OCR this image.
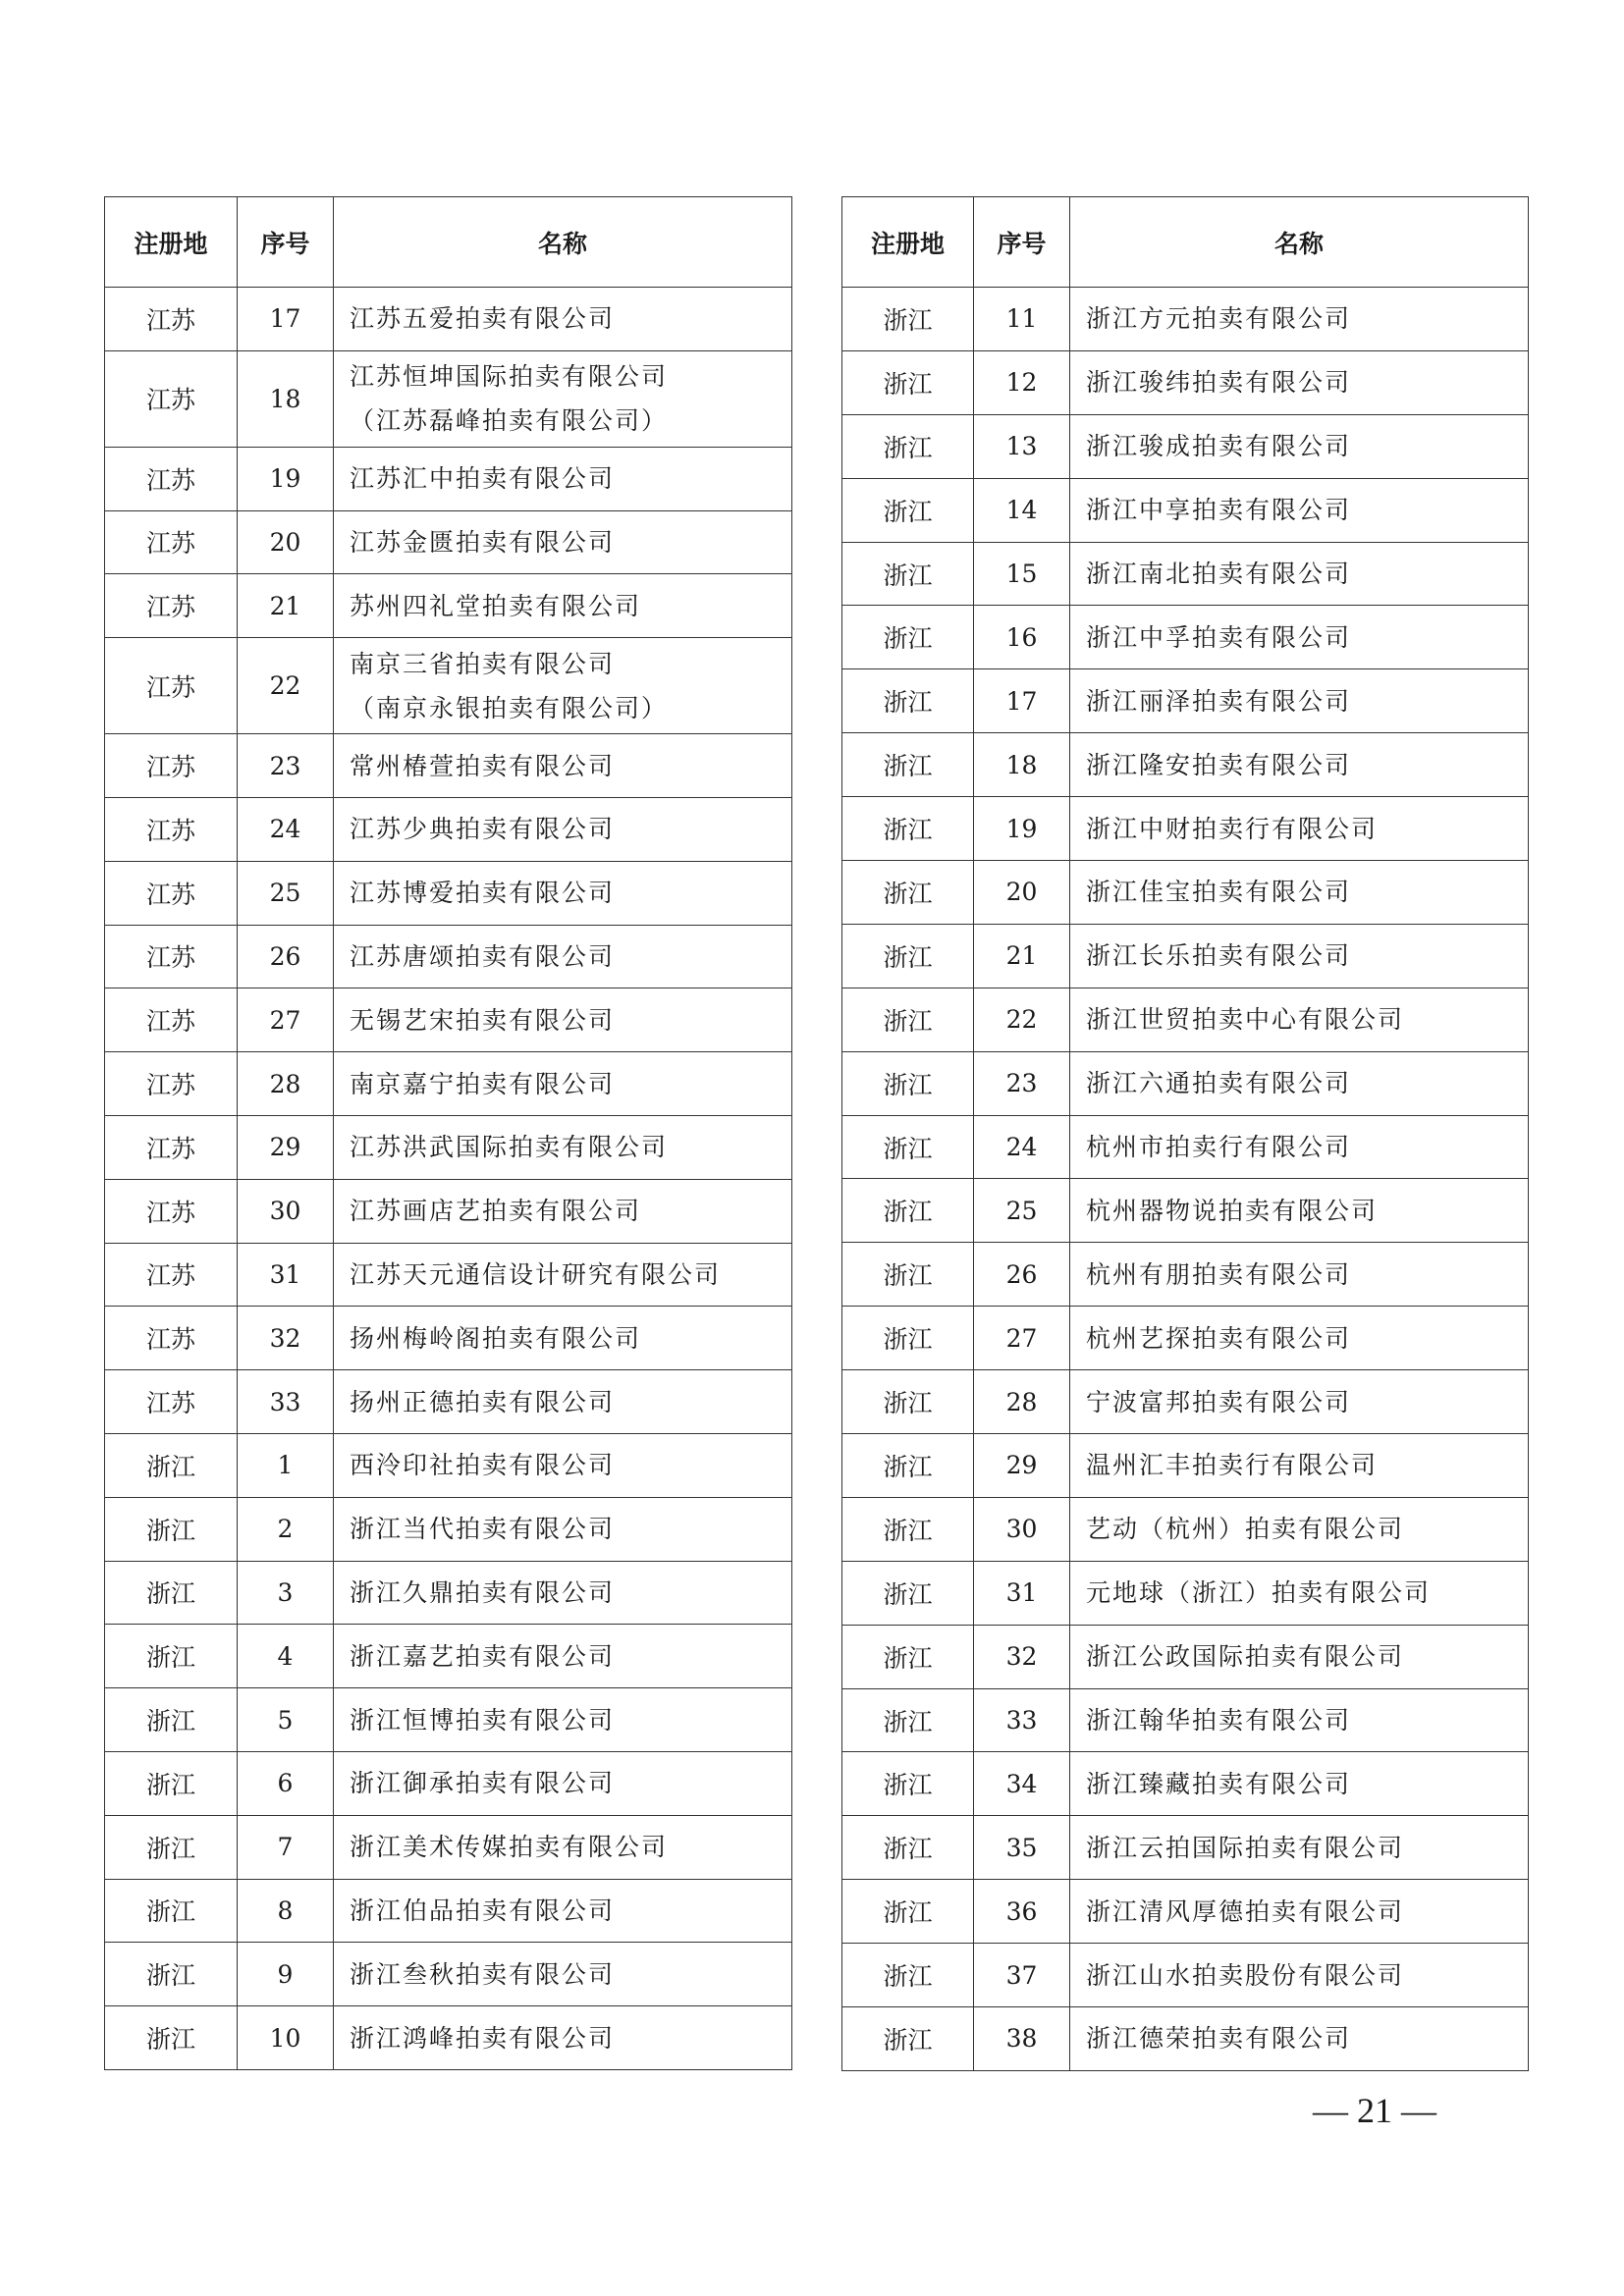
注册地	序号	名称
江苏	17	江苏五爱拍卖有限公司

江苏	18	江苏恒坤国际拍卖有限公司
（江苏磊峰拍卖有限公司）

江苏	19	江苏汇中拍卖有限公司

江苏	20	江苏金匮拍卖有限公司

江苏	21	苏州四礼堂拍卖有限公司

江苏	22	南京三省拍卖有限公司
（南京永银拍卖有限公司）

江苏	23	常州椿萱拍卖有限公司

江苏	24	江苏少典拍卖有限公司

江苏	25	江苏博爱拍卖有限公司

江苏	26	江苏唐颂拍卖有限公司

江苏	27	无锡艺宋拍卖有限公司

江苏	28	南京嘉宁拍卖有限公司

江苏	29	江苏洪武国际拍卖有限公司

江苏	30	江苏画店艺拍卖有限公司

江苏	31	江苏天元通信设计研究有限公司

江苏	32	扬州梅岭阁拍卖有限公司

江苏	33	扬州正德拍卖有限公司

浙江	1	西泠印社拍卖有限公司

浙江	2	浙江当代拍卖有限公司

浙江	3	浙江久鼎拍卖有限公司

浙江	4	浙江嘉艺拍卖有限公司

浙江	5	浙江恒博拍卖有限公司

浙江	6	浙江御承拍卖有限公司

浙江	7	浙江美术传媒拍卖有限公司

浙江	8	浙江伯品拍卖有限公司

浙江	9	浙江叁秋拍卖有限公司

浙江	10	浙江鸿峰拍卖有限公司
注册地	序号	名称
浙江	11	浙江方元拍卖有限公司

浙江	12	浙江骏纬拍卖有限公司

浙江	13	浙江骏成拍卖有限公司

浙江	14	浙江中享拍卖有限公司

浙江	15	浙江南北拍卖有限公司

浙江	16	浙江中孚拍卖有限公司

浙江	17	浙江丽泽拍卖有限公司

浙江	18	浙江隆安拍卖有限公司

浙江	19	浙江中财拍卖行有限公司

浙江	20	浙江佳宝拍卖有限公司

浙江	21	浙江长乐拍卖有限公司

浙江	22	浙江世贸拍卖中心有限公司

浙江	23	浙江六通拍卖有限公司

浙江	24	杭州市拍卖行有限公司

浙江	25	杭州器物说拍卖有限公司

浙江	26	杭州有朋拍卖有限公司

浙江	27	杭州艺探拍卖有限公司

浙江	28	宁波富邦拍卖有限公司

浙江	29	温州汇丰拍卖行有限公司

浙江	30	艺动（杭州）拍卖有限公司

浙江	31	元地球（浙江）拍卖有限公司

浙江	32	浙江公政国际拍卖有限公司

浙江	33	浙江翰华拍卖有限公司

浙江	34	浙江臻藏拍卖有限公司

浙江	35	浙江云拍国际拍卖有限公司

浙江	36	浙江清风厚德拍卖有限公司

浙江	37	浙江山水拍卖股份有限公司

浙江	38	浙江德荣拍卖有限公司
— 21 —
